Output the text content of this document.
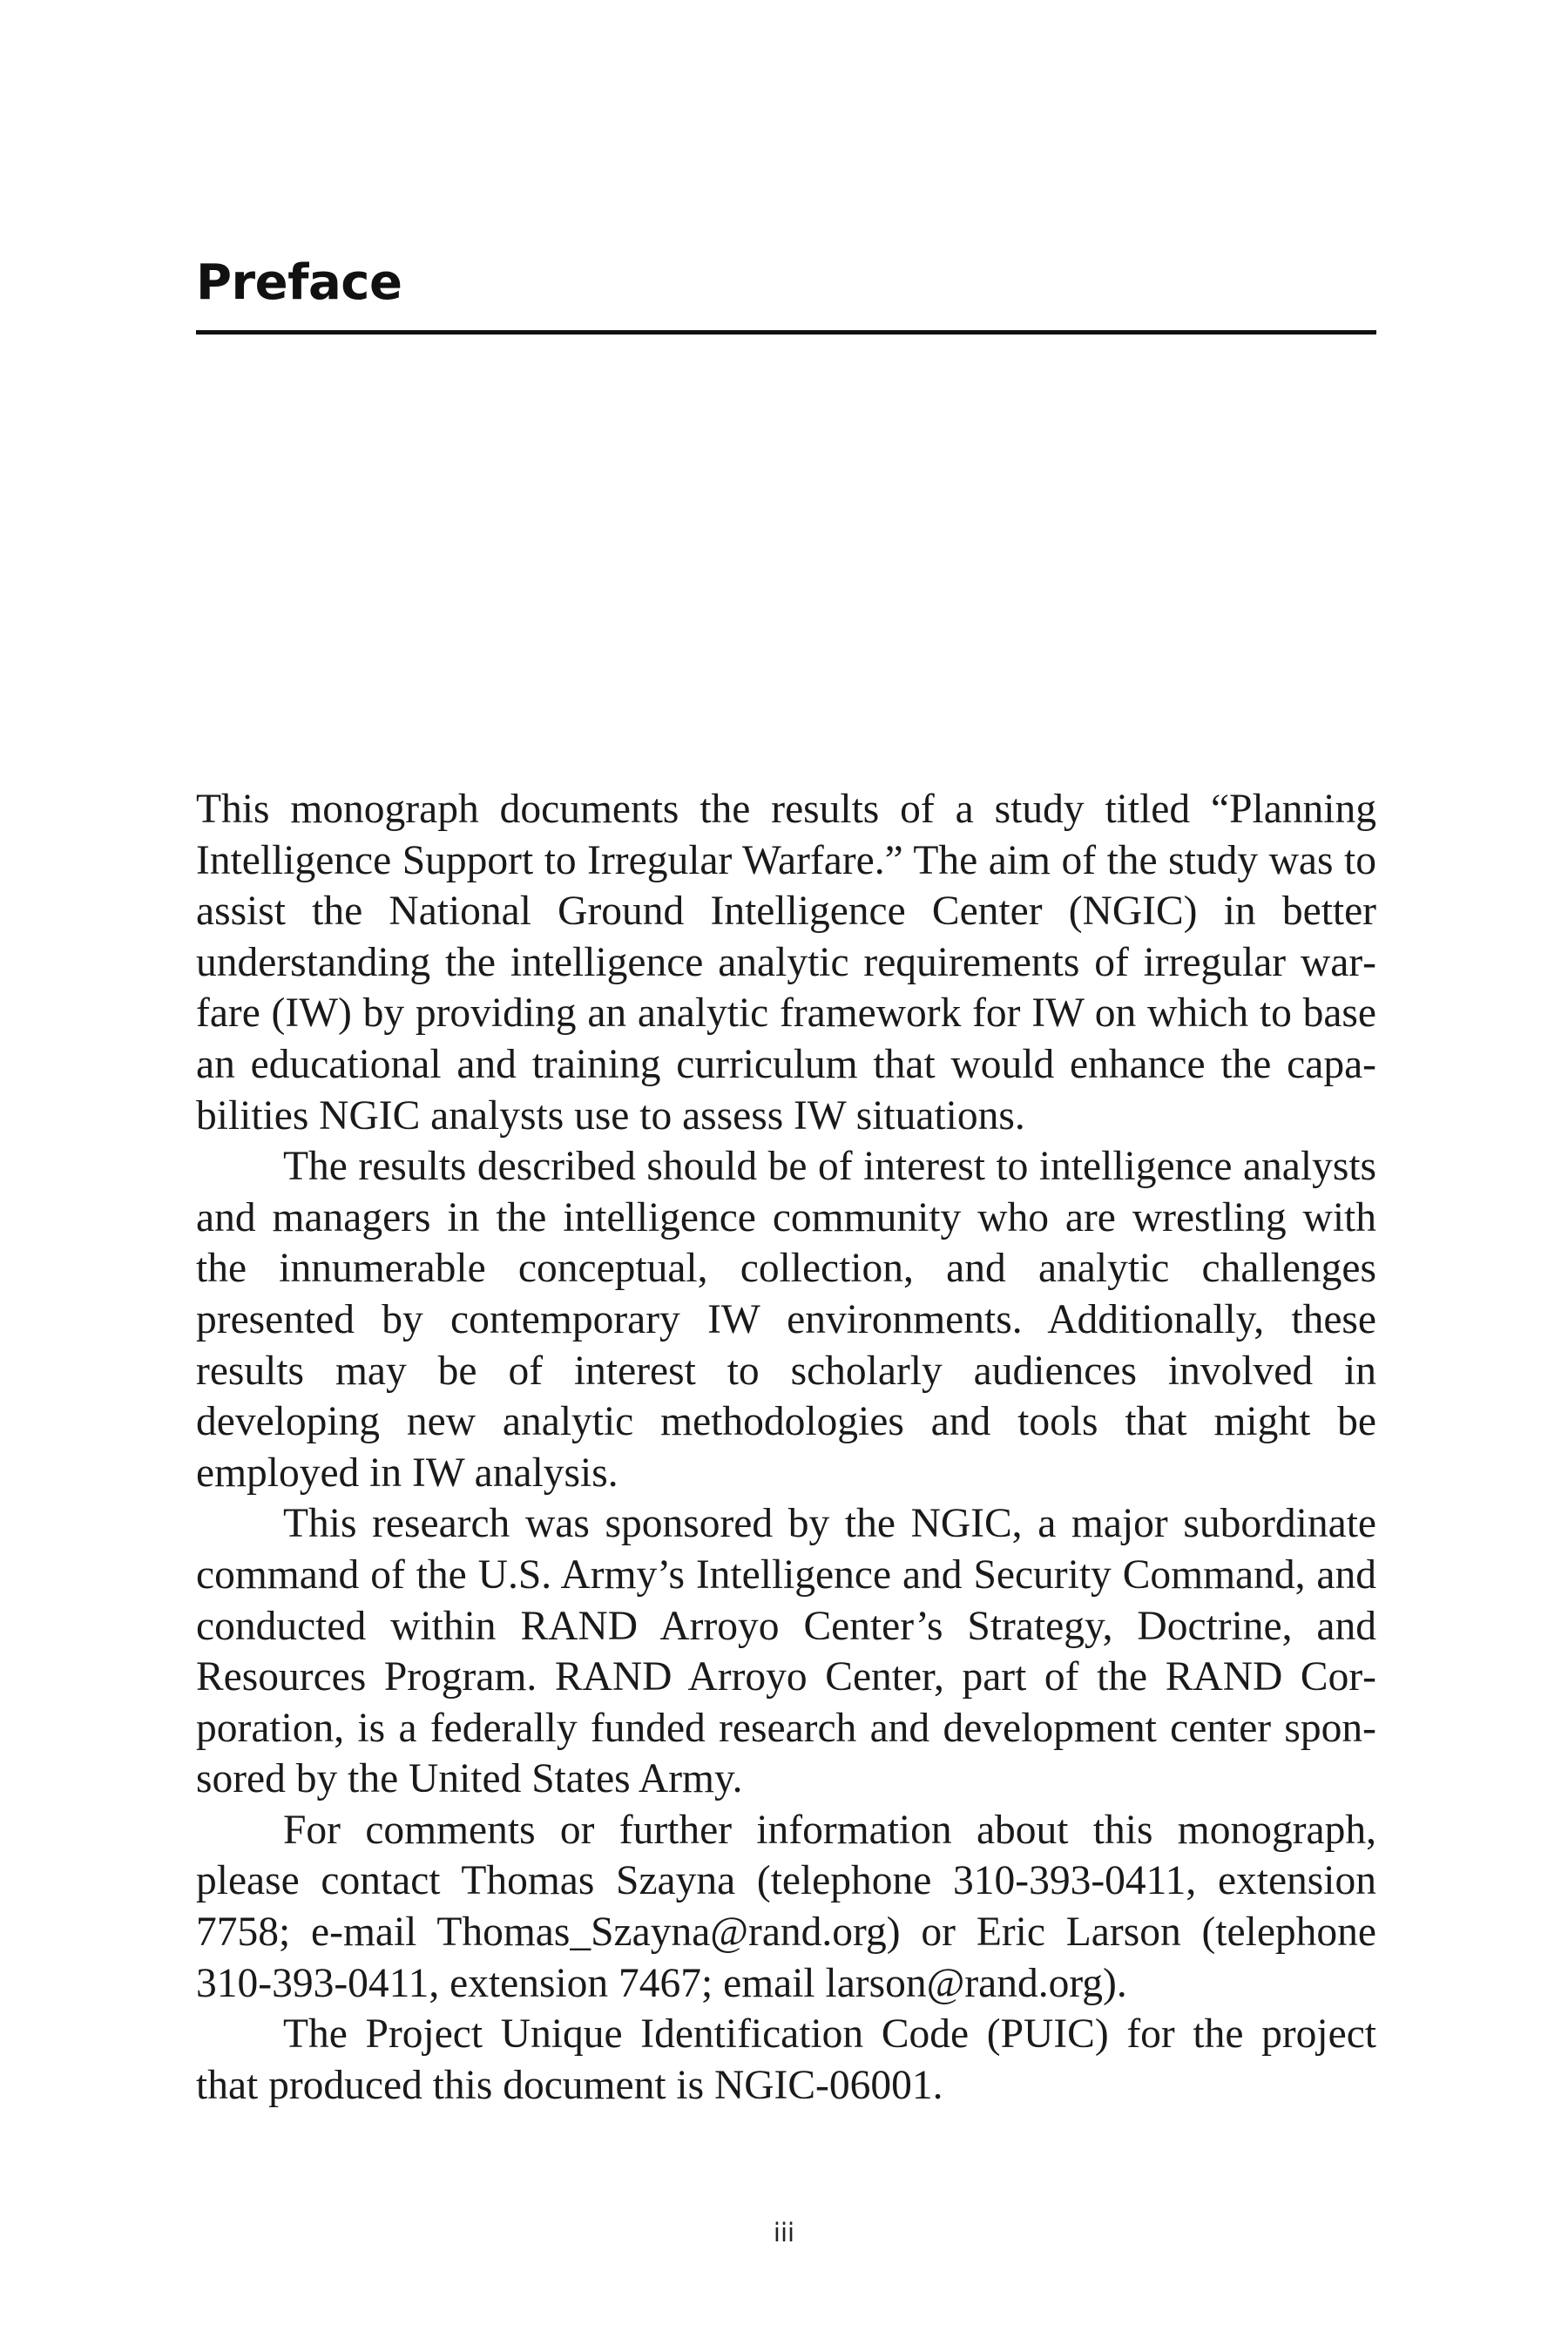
Preface

This monograph documents the results of a study titled “Planning Intelligence Support to Irregular Warfare.” The aim of the study was to assist the National Ground Intelligence Center (NGIC) in better understanding the intelligence analytic requirements of irregular warfare (IW) by providing an analytic framework for IW on which to base an educational and training curriculum that would enhance the capabilities NGIC analysts use to assess IW situations.

The results described should be of interest to intelligence analysts and managers in the intelligence community who are wrestling with the innumerable conceptual, collection, and analytic challenges presented by contemporary IW environments. Additionally, these results may be of interest to scholarly audiences involved in developing new analytic methodologies and tools that might be employed in IW analysis.

This research was sponsored by the NGIC, a major subordinate command of the U.S. Army’s Intelligence and Security Command, and conducted within RAND Arroyo Center’s Strategy, Doctrine, and Resources Program. RAND Arroyo Center, part of the RAND Corporation, is a federally funded research and development center sponsored by the United States Army.

For comments or further information about this monograph, please contact Thomas Szayna (telephone 310-393-0411, extension 7758; e-mail Thomas_Szayna@rand.org) or Eric Larson (telephone 310-393-0411, extension 7467; email larson@rand.org).

The Project Unique Identification Code (PUIC) for the project that produced this document is NGIC-06001.

iii
